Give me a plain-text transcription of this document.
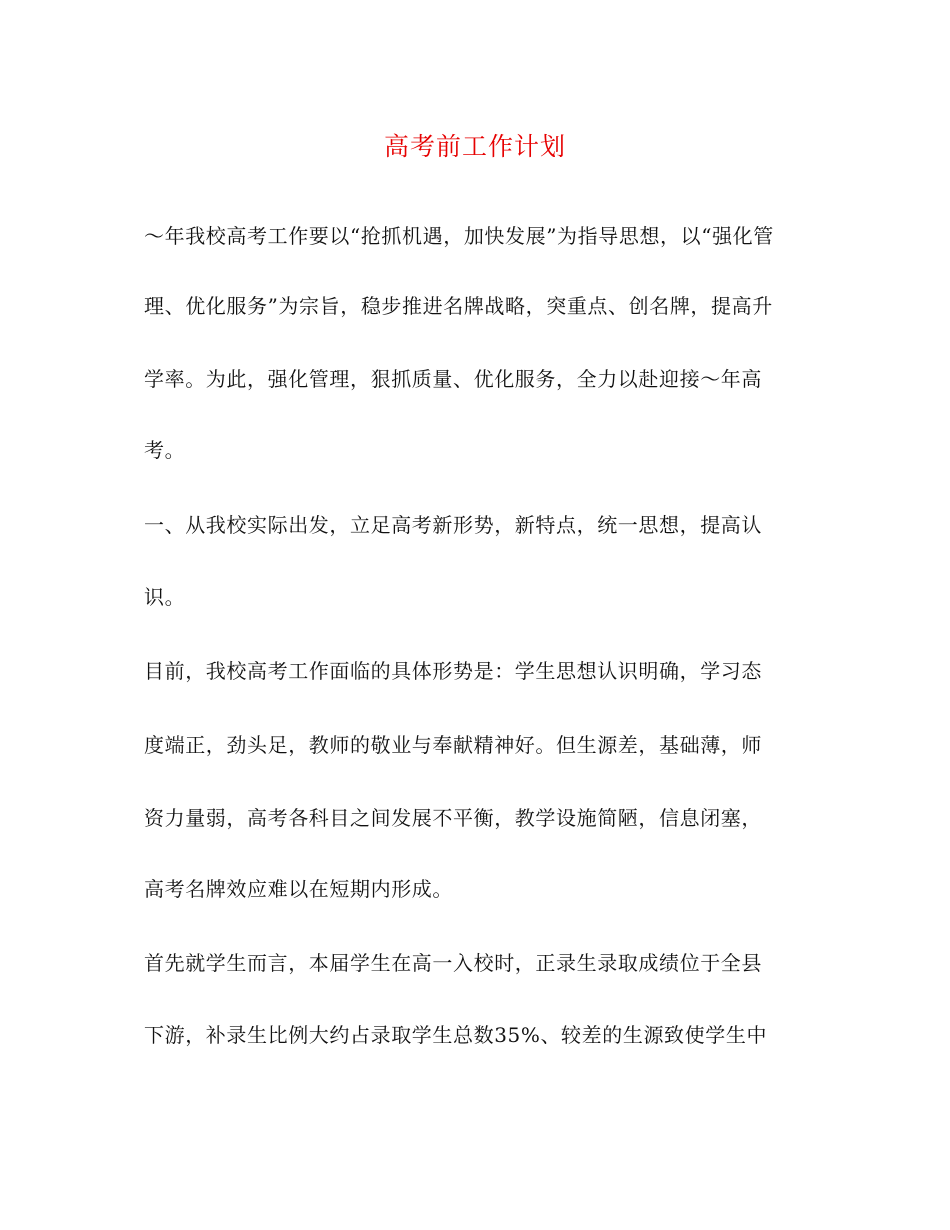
高考前工作计划
～年我校高考工作要以“抢抓机遇，加快发展”为指导思想，以“强化管
理、优化服务”为宗旨，稳步推进名牌战略，突重点、创名牌，提高升
学率。为此，强化管理，狠抓质量、优化服务，全力以赴迎接～年高
考。
一、从我校实际出发，立足高考新形势，新特点，统一思想，提高认
识。
目前，我校高考工作面临的具体形势是：学生思想认识明确，学习态
度端正，劲头足，教师的敬业与奉献精神好。但生源差，基础薄，师
资力量弱，高考各科目之间发展不平衡，教学设施简陋，信息闭塞，
高考名牌效应难以在短期内形成。
首先就学生而言，本届学生在高一入校时，正录生录取成绩位于全县
下游，补录生比例大约占录取学生总数35%、较差的生源致使学生中
